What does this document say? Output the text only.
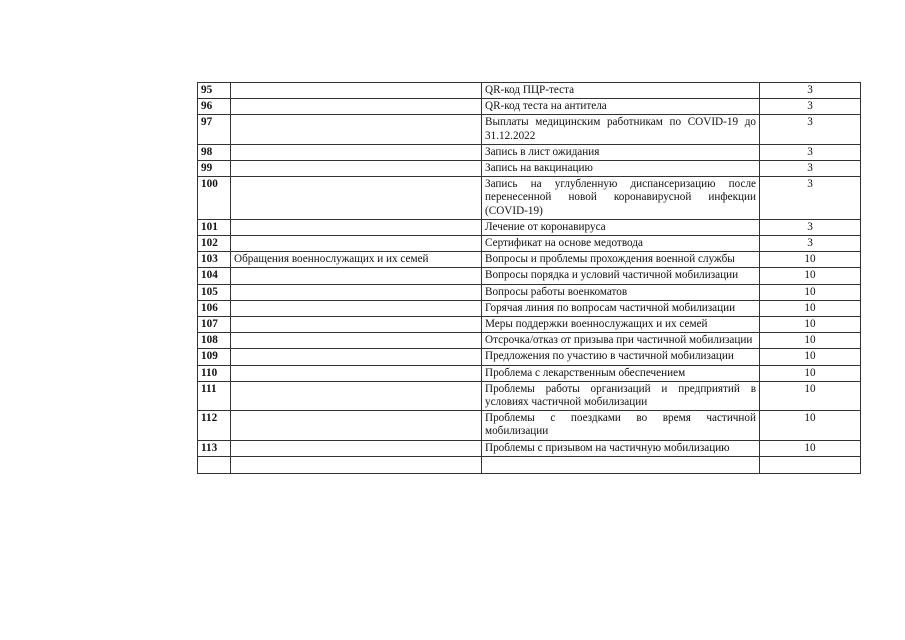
95		QR-код ПЦР-теста	3
96		QR-код теста на антитела	3
97		Выплаты медицинским работникам по COVID-19 до 31.12.2022	3
98		Запись в лист ожидания	3
99		Запись на вакцинацию	3
100		Запись на углубленную диспансеризацию после перенесенной новой коронавирусной инфекции (COVID-19)	3
101		Лечение от коронавируса	3
102		Сертификат на основе медотвода	3
103	Обращения военнослужащих и их семей	Вопросы и проблемы прохождения военной службы	10
104		Вопросы порядка и условий частичной мобилизации	10
105		Вопросы работы военкоматов	10
106		Горячая линия по вопросам частичной мобилизации	10
107		Меры поддержки военнослужащих и их семей	10
108		Отсрочка/отказ от призыва при частичной мобилизации	10
109		Предложения по участию в частичной мобилизации	10
110		Проблема с лекарственным обеспечением	10
111		Проблемы работы организаций и предприятий в условиях частичной мобилизации	10
112		Проблемы с поездками во время частичной мобилизации	10
113		Проблемы с призывом на частичную мобилизацию	10
